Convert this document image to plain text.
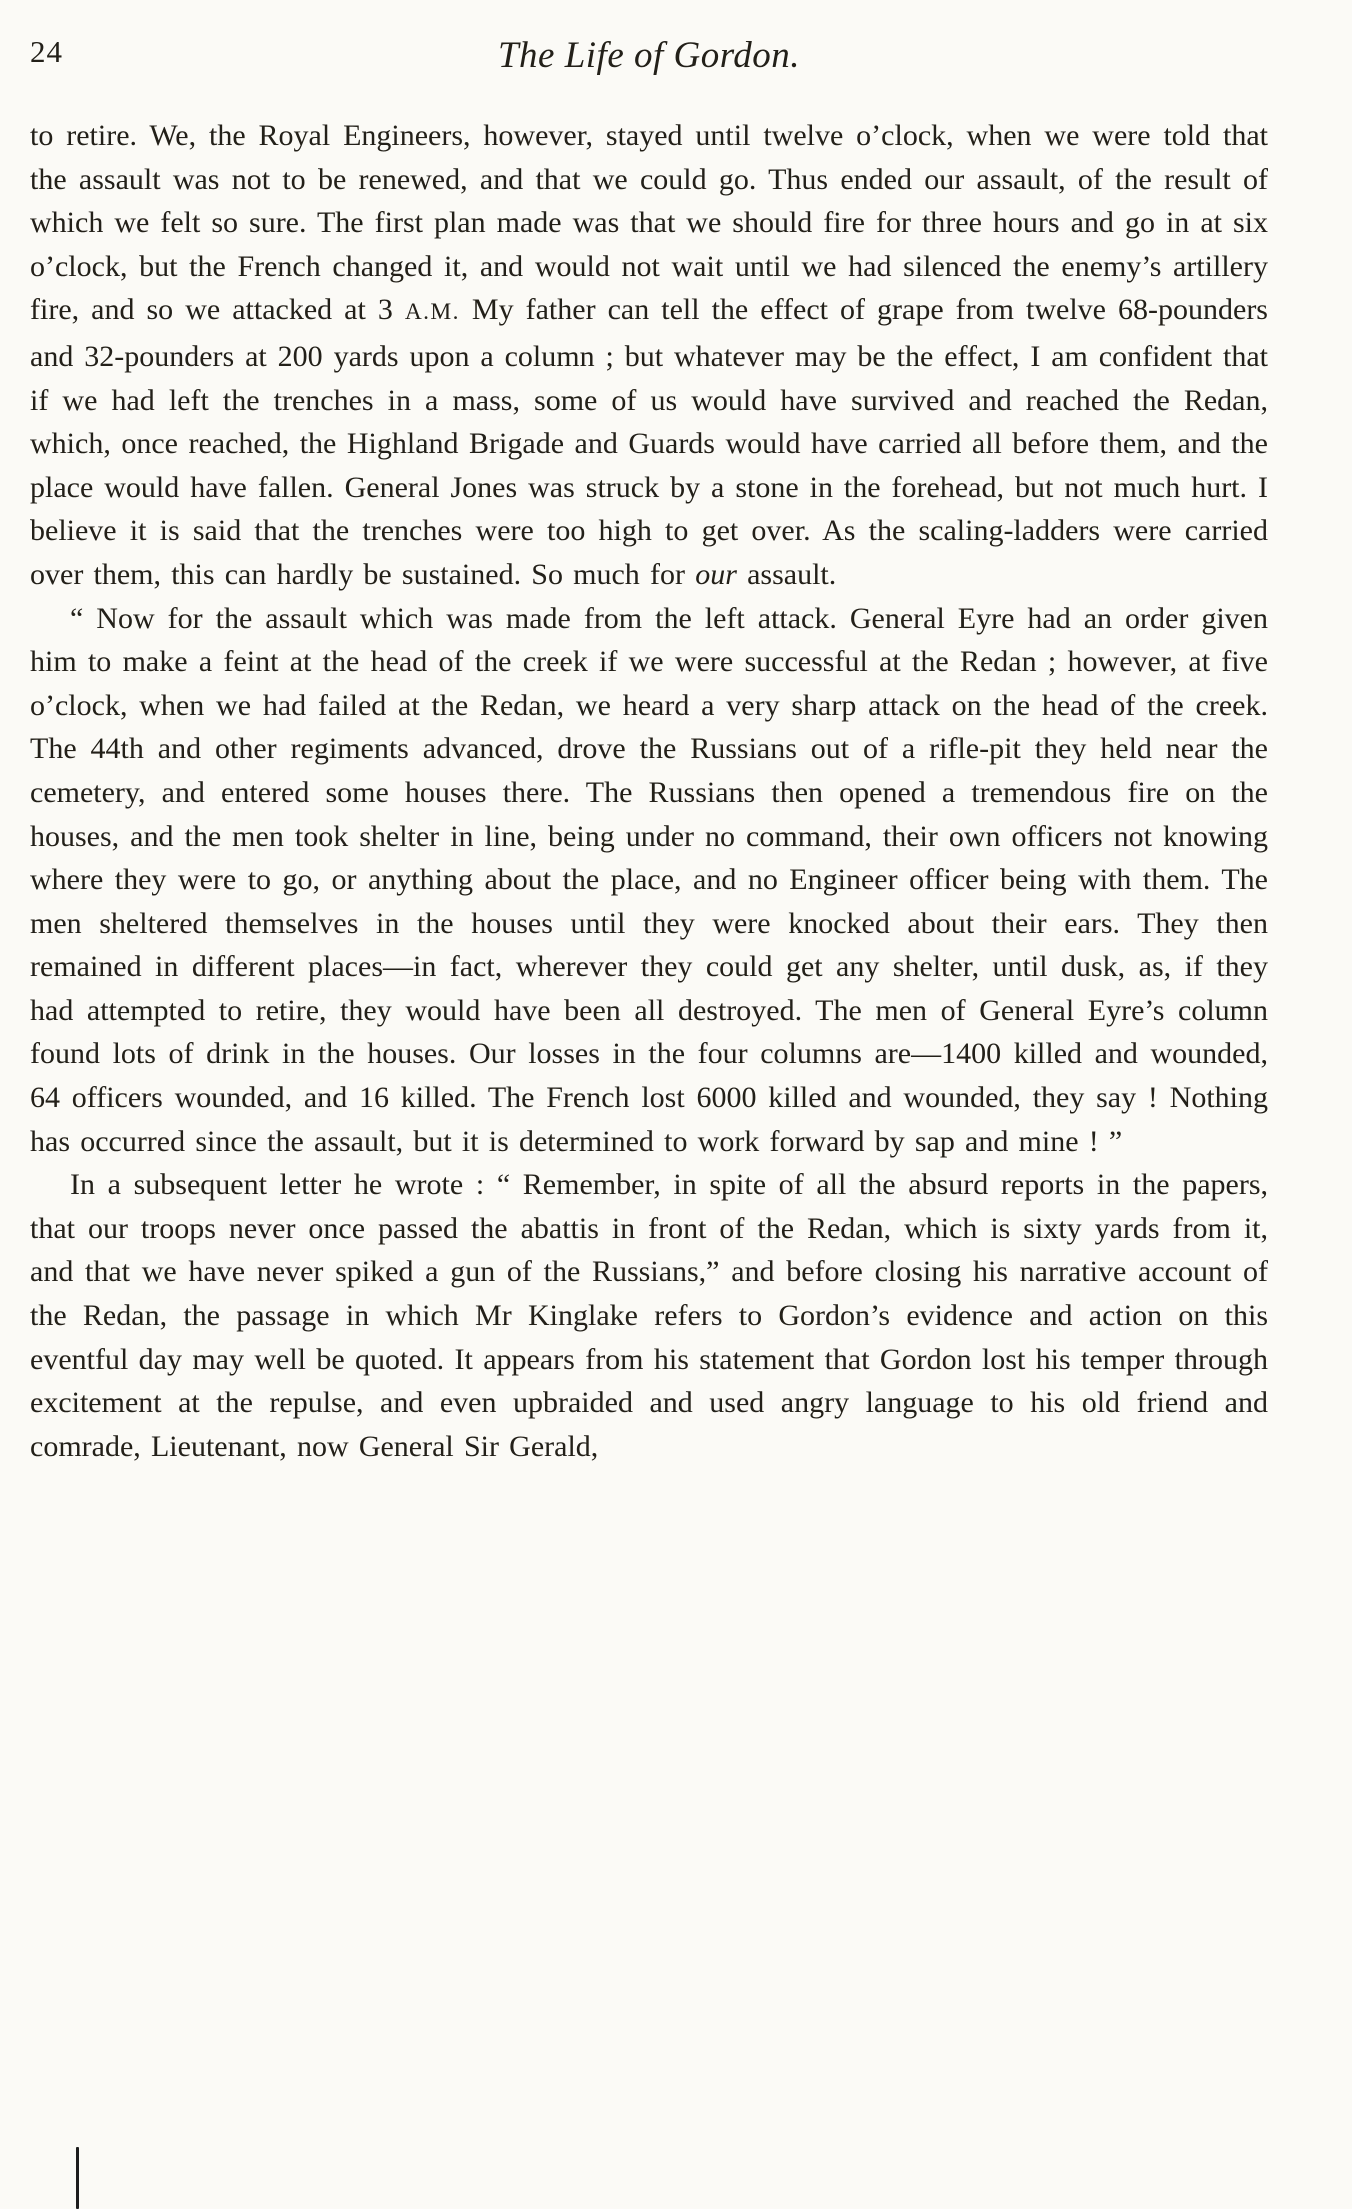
24	The Life of Gordon.

to retire. We, the Royal Engineers, however, stayed until twelve o’clock, when we were told that the assault was not to be renewed, and that we could go. Thus ended our assault, of the result of which we felt so sure. The first plan made was that we should fire for three hours and go in at six o’clock, but the French changed it, and would not wait until we had silenced the enemy’s artillery fire, and so we attacked at 3 A.M. My father can tell the effect of grape from twelve 68-pounders and 32-pounders at 200 yards upon a column ; but whatever may be the effect, I am confident that if we had left the trenches in a mass, some of us would have survived and reached the Redan, which, once reached, the Highland Brigade and Guards would have carried all before them, and the place would have fallen. General Jones was struck by a stone in the forehead, but not much hurt. I believe it is said that the trenches were too high to get over. As the scaling-ladders were carried over them, this can hardly be sustained. So much for our assault.

“ Now for the assault which was made from the left attack. General Eyre had an order given him to make a feint at the head of the creek if we were successful at the Redan ; however, at five o’clock, when we had failed at the Redan, we heard a very sharp attack on the head of the creek. The 44th and other regiments advanced, drove the Russians out of a rifle-pit they held near the cemetery, and entered some houses there. The Russians then opened a tremendous fire on the houses, and the men took shelter in line, being under no command, their own officers not knowing where they were to go, or anything about the place, and no Engineer officer being with them. The men sheltered themselves in the houses until they were knocked about their ears. They then remained in different places—in fact, wherever they could get any shelter, until dusk, as, if they had attempted to retire, they would have been all destroyed. The men of General Eyre’s column found lots of drink in the houses. Our losses in the four columns are—1400 killed and wounded, 64 officers wounded, and 16 killed. The French lost 6000 killed and wounded, they say ! Nothing has occurred since the assault, but it is determined to work forward by sap and mine ! ”

In a subsequent letter he wrote : “ Remember, in spite of all the absurd reports in the papers, that our troops never once passed the abattis in front of the Redan, which is sixty yards from it, and that we have never spiked a gun of the Russians,” and before closing his narrative account of the Redan, the passage in which Mr Kinglake refers to Gordon’s evidence and action on this eventful day may well be quoted. It appears from his statement that Gordon lost his temper through excitement at the repulse, and even upbraided and used angry language to his old friend and comrade, Lieutenant, now General Sir Gerald,
